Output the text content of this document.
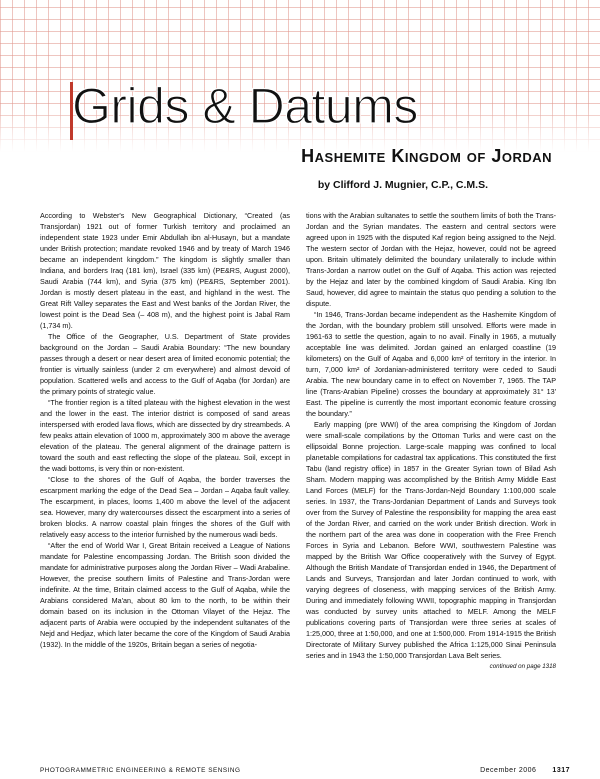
Grids & Datums
Hashemite Kingdom of Jordan
by Clifford J. Mugnier, C.P., C.M.S.

According to Webster's New Geographical Dictionary, “Created (as Transjordan) 1921 out of former Turkish territory and proclaimed an independent state 1923 under Emir Abdullah ibn al-Husayn, but a mandate under British protection; mandate revoked 1946 and by treaty of March 1946 became an independent kingdom.” The kingdom is slightly smaller than Indiana, and borders Iraq (181 km), Israel (335 km) (PE&RS, August 2000), Saudi Arabia (744 km), and Syria (375 km) (PE&RS, September 2001). Jordan is mostly desert plateau in the east, and highland in the west. The Great Rift Valley separates the East and West banks of the Jordan River, the lowest point is the Dead Sea (– 408 m), and the highest point is Jabal Ram (1,734 m).

The Office of the Geographer, U.S. Department of State provides background on the Jordan – Saudi Arabia Boundary: “The new boundary passes through a desert or near desert area of limited economic potential; the frontier is virtually sainless (under 2 cm everywhere) and almost devoid of population. Scattered wells and access to the Gulf of Aqaba (for Jordan) are the primary points of strategic value.

“The frontier region is a tilted plateau with the highest elevation in the west and the lower in the east. The interior district is composed of sand areas interspersed with eroded lava flows, which are dissected by dry streambeds. A few peaks attain elevation of 1000 m, approximately 300 m above the average elevation of the plateau. The general alignment of the drainage pattern is toward the south and east reflecting the slope of the plateau. Soil, except in the wadi bottoms, is very thin or non-existent.

“Close to the shores of the Gulf of Aqaba, the border traverses the escarpment marking the edge of the Dead Sea – Jordan – Aqaba fault valley. The escarpment, in places, looms 1,400 m above the level of the adjacent sea. However, many dry watercourses dissect the escarpment into a series of broken blocks. A narrow coastal plain fringes the shores of the Gulf with relatively easy access to the interior furnished by the numerous wadi beds.

“After the end of World War I, Great Britain received a League of Nations mandate for Palestine encompassing Jordan. The British soon divided the mandate for administrative purposes along the Jordan River – Wadi Arabaline. However, the precise southern limits of Palestine and Trans-Jordan were indefinite. At the time, Britain claimed access to the Gulf of Aqaba, while the Arabians considered Ma'an, about 80 km to the north, to be within their domain based on its inclusion in the Ottoman Vilayet of the Hejaz. The adjacent parts of Arabia were occupied by the independent sultanates of the Nejd and Hedjaz, which later became the core of the Kingdom of Saudi Arabia (1932). In the middle of the 1920s, Britain began a series of negotia-

tions with the Arabian sultanates to settle the southern limits of both the Trans-Jordan and the Syrian mandates. The eastern and central sectors were agreed upon in 1925 with the disputed Kaf region being assigned to the Nejd. The western sector of Jordan with the Hejaz, however, could not be agreed upon. Britain ultimately delimited the boundary unilaterally to include within Trans-Jordan a narrow outlet on the Gulf of Aqaba. This action was rejected by the Hejaz and later by the combined kingdom of Saudi Arabia. King Ibn Saud, however, did agree to maintain the status quo pending a solution to the dispute.

“In 1946, Trans-Jordan became independent as the Hashemite Kingdom of the Jordan, with the boundary problem still unsolved. Efforts were made in 1961-63 to settle the question, again to no avail. Finally in 1965, a mutually acceptable line was delimited. Jordan gained an enlarged coastline (19 kilometers) on the Gulf of Aqaba and 6,000 km² of territory in the interior. In turn, 7,000 km² of Jordanian-administered territory were ceded to Saudi Arabia. The new boundary came in to effect on November 7, 1965. The TAP line (Trans-Arabian Pipeline) crosses the boundary at approximately 31° 13' East. The pipeline is currently the most important economic feature crossing the boundary.”

Early mapping (pre WWI) of the area comprising the Kingdom of Jordan were small-scale compilations by the Ottoman Turks and were cast on the ellipsoidal Bonne projection. Large-scale mapping was confined to local planetable compilations for cadastral tax applications. This constituted the first Tabu (land registry office) in 1857 in the Greater Syrian town of Bilad Ash Sham. Modern mapping was accomplished by the British Army Middle East Land Forces (MELF) for the Trans-Jordan-Nejd Boundary 1:100,000 scale series. In 1937, the Trans-Jordanian Department of Lands and Surveys took over from the Survey of Palestine the responsibility for mapping the area east of the Jordan River, and carried on the work under British direction. Work in the northern part of the area was done in cooperation with the Free French Forces in Syria and Lebanon. Before WWI, southwestern Palestine was mapped by the British War Office cooperatively with the Survey of Egypt. Although the British Mandate of Transjordan ended in 1946, the Department of Lands and Surveys, Transjordan and later Jordan continued to work, with varying degrees of closeness, with mapping services of the British Army. During and immediately following WWII, topographic mapping in Transjordan was conducted by survey units attached to MELF. Among the MELF publications covering parts of Transjordan were three series at scales of 1:25,000, three at 1:50,000, and one at 1:500,000. From 1914-1915 the British Directorate of Military Survey published the Africa 1:125,000 Sinai Peninsula series and in 1943 the 1:50,000 Transjordan Lava Belt series.

continued on page 1318

PHOTOGRAMMETRIC ENGINEERING & REMOTE SENSING	December 2006 1317
